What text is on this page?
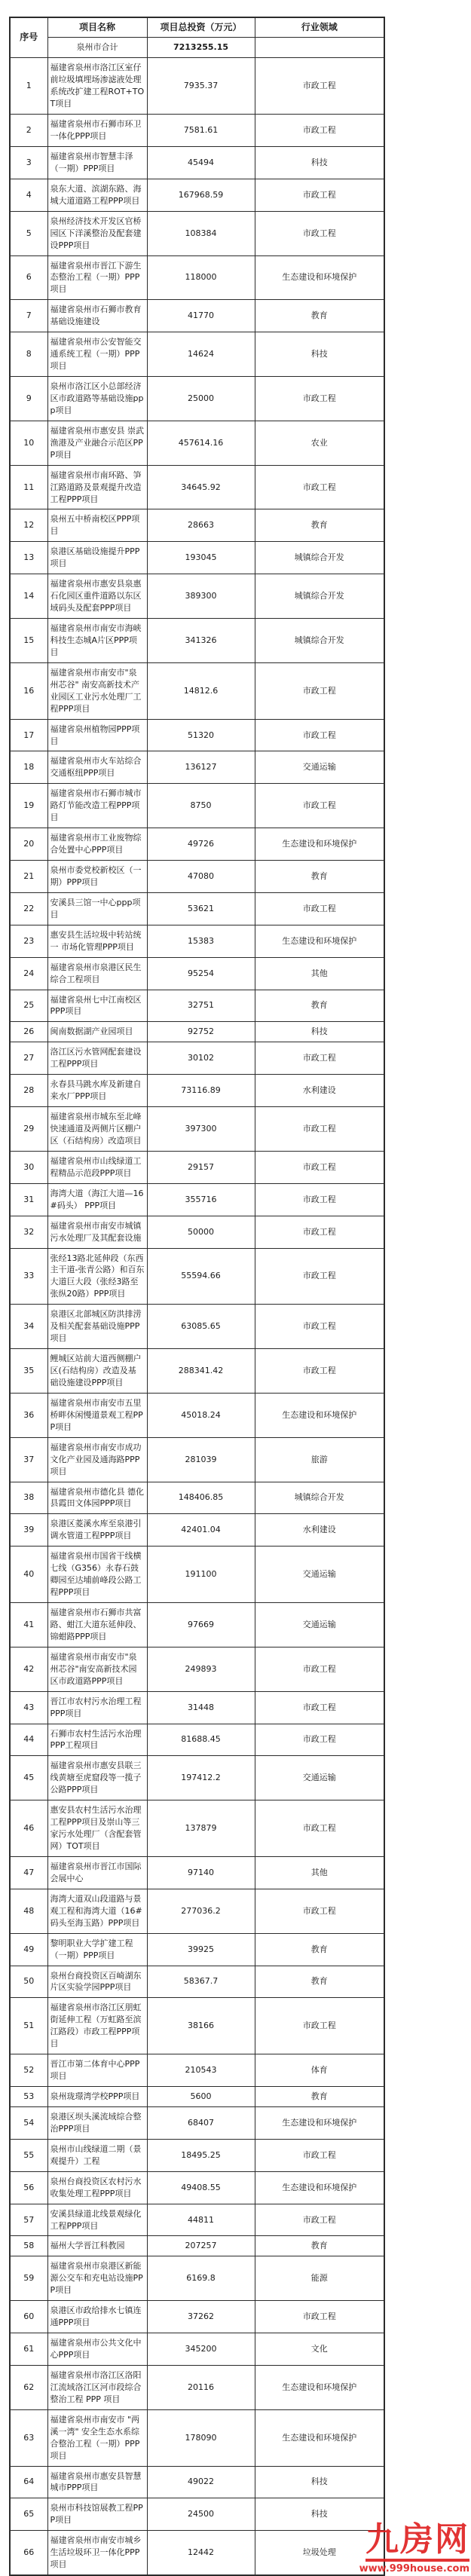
序号	项目名称	项目总投资（万元）	行业领域
	泉州市合计	7213255.15	
1	福建省泉州市洛江区室仔前垃圾填埋场渗滤液处理系统改扩建工程ROT+TOT项目	7935.37	市政工程
2	福建省泉州市石狮市环卫一体化PPP项目	7581.61	市政工程
3	福建省泉州市智慧丰泽（一期）PPP项目	45494	科技
4	泉东大道、滨湖东路、海城大道道路工程PPP项目	167968.59	市政工程
5	泉州经济技术开发区官桥园区下洋溪整治及配套建设PPP项目	108384	市政工程
6	福建省泉州市晋江下游生态整治工程（一期）PPP项目	118000	生态建设和环境保护
7	福建省泉州市石狮市教育基础设施建设	41770	教育
8	福建省泉州市公安智能交通系统工程（一期）PPP项目	14624	科技
9	泉州市洛江区小总部经济区市政道路等基础设施ppp项目	25000	市政工程
10	福建省泉州市惠安县 崇武渔港及产业融合示范区PPP项目	457614.16	农业
11	福建省泉州市南环路、笋江路道路及景观提升改造工程PPP项目	34645.92	市政工程
12	泉州五中桥南校区PPP项目	28663	教育
13	泉港区基础设施提升PPP项目	193045	城镇综合开发
14	福建省泉州市惠安县泉惠石化园区重件道路以东区域码头及配套PPP项目	389300	城镇综合开发
15	福建省泉州市南安市海峡科技生态城A片区PPP项目	341326	城镇综合开发
16	福建省泉州市南安市"泉州芯谷" 南安高新技术产业园区工业污水处理厂工程PPP项目	14812.6	市政工程
17	福建省泉州植物园PPP项目	51320	市政工程
18	福建省泉州市火车站综合交通枢纽PPP项目	136127	交通运输
19	福建省泉州市石狮市城市路灯节能改造工程PPP项目	8750	市政工程
20	福建省泉州市工业废物综合处置中心PPP项目	49726	生态建设和环境保护
21	泉州市委党校新校区（一期）PPP项目	47080	教育
22	安溪县三馆一中心ppp项目	53621	市政工程
23	惠安县生活垃圾中转站统一 市场化管理PPP项目	15383	生态建设和环境保护
24	福建省泉州市泉港区民生综合工程项目	95254	其他
25	福建省泉州七中江南校区PPP项目	32751	教育
26	闽南数据湖产业园项目	92752	科技
27	洛江区污水管网配套建设工程PPP项目	30102	市政工程
28	永春县马跳水库及新建自来水厂PPP项目	73116.89	水利建设
29	福建省泉州市城东至北峰快速通道及两侧片区棚户区（石结构房）改造项目	397300	市政工程
30	福建省泉州市山线绿道工程精品示范段PPP项目	29157	市政工程
31	海湾大道（海江大道—16#码头） PPP项目	355716	市政工程
32	福建省泉州市南安市城镇污水处理厂及其配套设施	50000	市政工程
33	张经13路北延伸段（东西主干道-张青公路）和百东大道巨大段（张经3路至张纵20路）PPP项目	55594.66	市政工程
34	泉港区北部城区防洪排涝及相关配套基础设施PPP项目	63085.65	市政工程
35	鲤城区站前大道西侧棚户区(石结构房）改造及基础设施建设PPP项目	288341.42	市政工程
36	福建省泉州市南安市五里桥畔休闲慢道景观工程PPP项目	45018.24	生态建设和环境保护
37	福建省泉州市南安市成功文化产业园及通海路PPP项目	281039	旅游
38	福建省泉州市德化县 德化县霞田文体园PPP项目	148406.85	城镇综合开发
39	泉港区菱溪水库至泉港引调水管道工程PPP项目	42401.04	水利建设
40	福建省泉州市国省干线横七线（G356）永春石鼓卿园至达埔前峰段公路工程PPP项目	191100	交通运输
41	福建省泉州市石狮市共富路、蚶江大道东延伸段、锦蚶路PPP项目	97669	交通运输
42	福建省泉州市南安市"泉州芯谷"南安高新技术园区市政道路PPP项目	249893	市政工程
43	晋江市农村污水治理工程PPP项目	31448	市政工程
44	石狮市农村生活污水治理PPP工程项目	81688.45	市政工程
45	福建省泉州市惠安县联三线黄塘至虎窟段等一揽子公路PPP项目	197412.2	交通运输
46	惠安县农村生活污水治理工程PPP项目及崇山等三家污水处理厂（含配套管网）TOT项目	137879	市政工程
47	福建省泉州市晋江市国际会展中心	97140	其他
48	海湾大道双山段道路与景观工程和海湾大道（16#码头至海玉路）PPP项目	277036.2	市政工程
49	黎明职业大学扩建工程（一期）PPP项目	39925	教育
50	泉州台商投资区百崎湖东片区实验学园PPP项目	58367.7	教育
51	福建省泉州市洛江区朋虹街延伸工程（万虹路至滨江路段）市政工程PPP项目	38166	市政工程
52	晋江市第二体育中心PPP项目	210543	体育
53	泉州珑璟湾学校PPP项目	5600	教育
54	泉港区坝头溪流域综合整治PPP项目	68407	生态建设和环境保护
55	泉州市山线绿道二期（景观提升）工程	18495.25	市政工程
56	泉州台商投资区农村污水收集处理工程PPP项目	49408.55	生态建设和环境保护
57	安溪县绿道北线景观绿化工程PPP项目	44811	市政工程
58	福州大学晋江科教园	207257	教育
59	福建省泉州市泉港区新能源公交车和充电站设施PPP项目	6169.8	能源
60	泉港区市政给排水七镇连通PPP项目	37262	市政工程
61	福建省泉州市公共文化中心PPP项目	345200	文化
62	福建省泉州市洛江区洛阳江流域洛江区河市段综合整治工程 PPP 项目	20116	生态建设和环境保护
63	福建省泉州市南安市 "两溪一湾" 安全生态水系综合整治工程（一期）PPP项目	178090	生态建设和环境保护
64	福建省泉州市惠安县智慧城市PPP项目	49022	科技
65	泉州市科技馆展教工程PPP项目	24500	科技
66	福建省泉州市南安市城乡生活垃圾环卫一体化PPP项目	12442	垃圾处理 九房网
www.999house.com
